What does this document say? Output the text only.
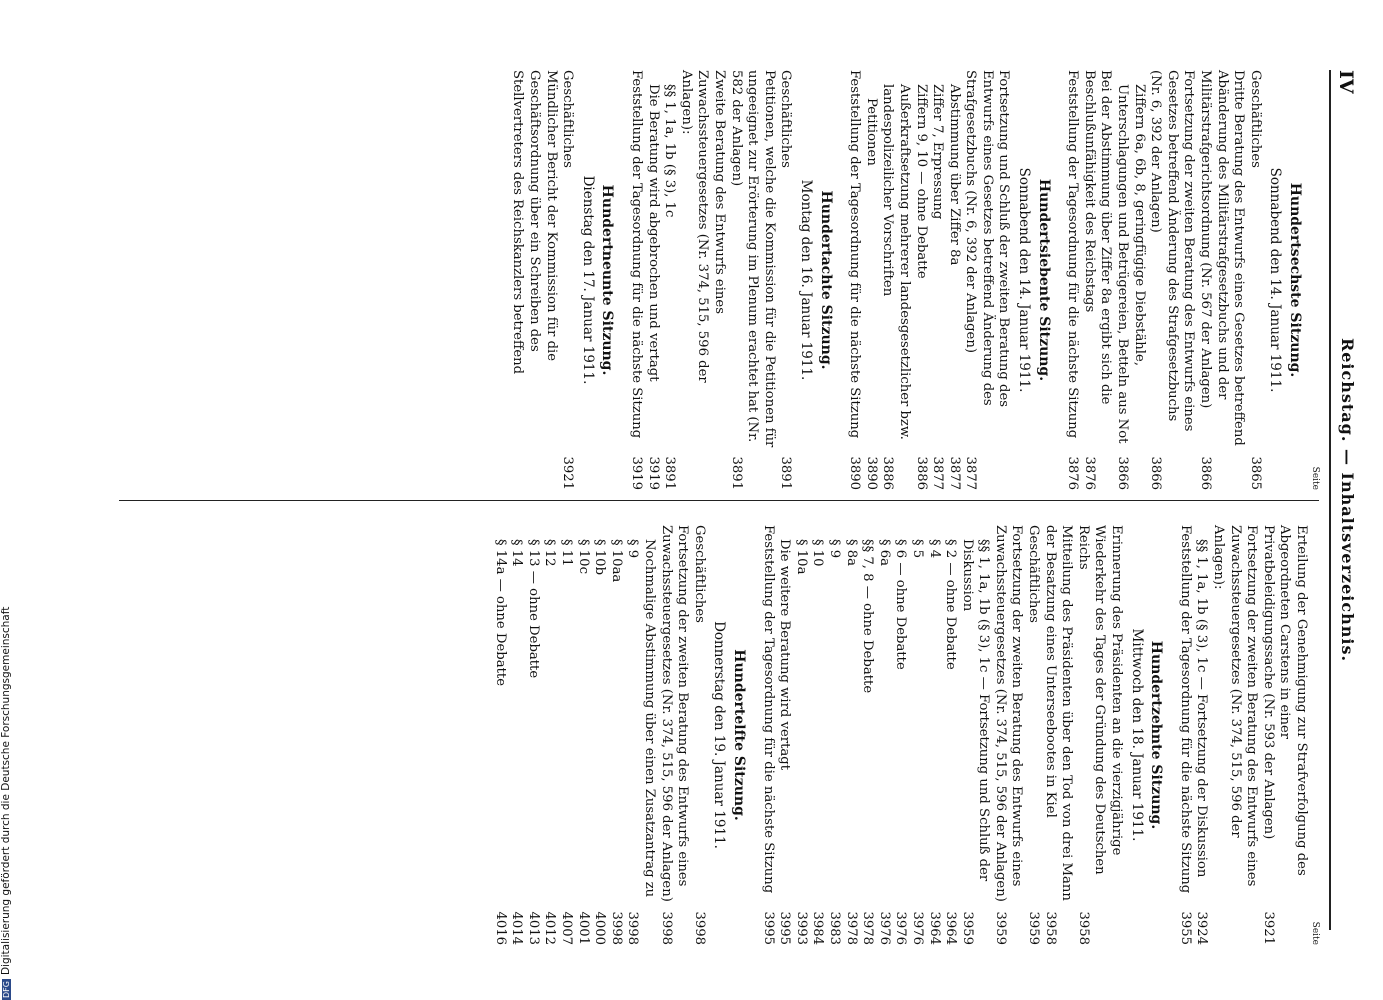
IV
Reichstag. — Inhaltsverzeichnis.
Seite
Hundertsechste Sitzung.
Sonnabend den 14. Januar 1911.
Geschäftliches
3865
Dritte Beratung des Entwurfs eines Gesetzes betreffend Abänderung des Militärstrafgesetzbuchs und der Militärstrafgerichtsordnung (Nr. 567 der Anlagen)
3866
Fortsetzung der zweiten Beratung des Entwurfs eines Gesetzes betreffend Änderung des Strafgesetzbuchs (Nr. 6, 392 der Anlagen)
3866
Ziffern 6a, 6b, 8, geringfügige Diebstähle, Unterschlagungen und Betrügereien, Betteln aus Not
3866
Bei der Abstimmung über Ziffer 8a ergibt sich die Beschlußunfähigkeit des Reichstags
3876
Feststellung der Tagesordnung für die nächste Sitzung
3876
Hundertsiebente Sitzung.
Sonnabend den 14. Januar 1911.
Fortsetzung und Schluß der zweiten Beratung des Entwurfs eines Gesetzes betreffend Änderung des Strafgesetzbuchs (Nr. 6, 392 der Anlagen)
3877
Abstimmung über Ziffer 8a
3877
Ziffer 7, Erpressung
3877
Ziffern 9, 10 — ohne Debatte
3886
Außerkraftsetzung mehrerer landesgesetzlicher bzw. landespolizeilicher Vorschriften
3886
Petitionen
3890
Feststellung der Tagesordnung für die nächste Sitzung
3890
Hundertachte Sitzung.
Montag den 16. Januar 1911.
Geschäftliches
3891
Petitionen, welche die Kommission für die Petitionen für ungeeignet zur Erörterung im Plenum erachtet hat (Nr. 582 der Anlagen)
3891
Zweite Beratung des Entwurfs eines Zuwachssteuergesetzes (Nr. 374, 515, 596 der Anlagen):
§§ 1, 1a, 1b (§ 3), 1c
3891
Die Beratung wird abgebrochen und vertagt
3919
Feststellung der Tagesordnung für die nächste Sitzung
3919
Hundertneunte Sitzung.
Dienstag den 17. Januar 1911.
Geschäftliches
3921
Mündlicher Bericht der Kommission für die Geschäftsordnung über ein Schreiben des Stellvertreters des Reichskanzlers betreffend
Seite
Erteilung der Genehmigung zur Strafverfolgung des Abgeordneten Carstens in einer Privatbeleidigungssache (Nr. 593 der Anlagen)
3921
Fortsetzung der zweiten Beratung des Entwurfs eines Zuwachssteuergesetzes (Nr. 374, 515, 596 der Anlagen):
§§ 1, 1a, 1b (§ 3), 1c — Fortsetzung der Diskussion
3924
Feststellung der Tagesordnung für die nächste Sitzung
3955
Hundertzehnte Sitzung.
Mittwoch den 18. Januar 1911.
Erinnerung des Präsidenten an die vierzigjährige Wiederkehr des Tages der Gründung des Deutschen Reichs
3958
Mitteilung des Präsidenten über den Tod von drei Mann der Besatzung eines Unterseebootes in Kiel
3958
Geschäftliches
3959
Fortsetzung der zweiten Beratung des Entwurfs eines Zuwachssteuergesetzes (Nr. 374, 515, 596 der Anlagen)
3959
§§ 1, 1a, 1b (§ 3), 1c — Fortsetzung und Schluß der Diskussion
3959
§ 2 — ohne Debatte
3964
§ 4
3964
§ 5
3976
§ 6 — ohne Debatte
3976
§ 6a
3976
§§ 7, 8 — ohne Debatte
3978
§ 8a
3978
§ 9
3983
§ 10
3984
§ 10a
3993
Die weitere Beratung wird vertagt
3995
Feststellung der Tagesordnung für die nächste Sitzung
3995
Hundertelfte Sitzung.
Donnerstag den 19. Januar 1911.
Geschäftliches
3998
Fortsetzung der zweiten Beratung des Entwurfs eines Zuwachssteuergesetzes (Nr. 374, 515, 596 der Anlagen)
3998
Nochmalige Abstimmung über einen Zusatzantrag zu § 9
3998
§ 10aa
3998
§ 10b
4000
§ 10c
4001
§ 11
4007
§ 12
4012
§ 13 — ohne Debatte
4013
§ 14
4014
§ 14a — ohne Debatte
4016
DFGDigitalisierung gefördert durch die Deutsche Forschungsgemeinschaft
